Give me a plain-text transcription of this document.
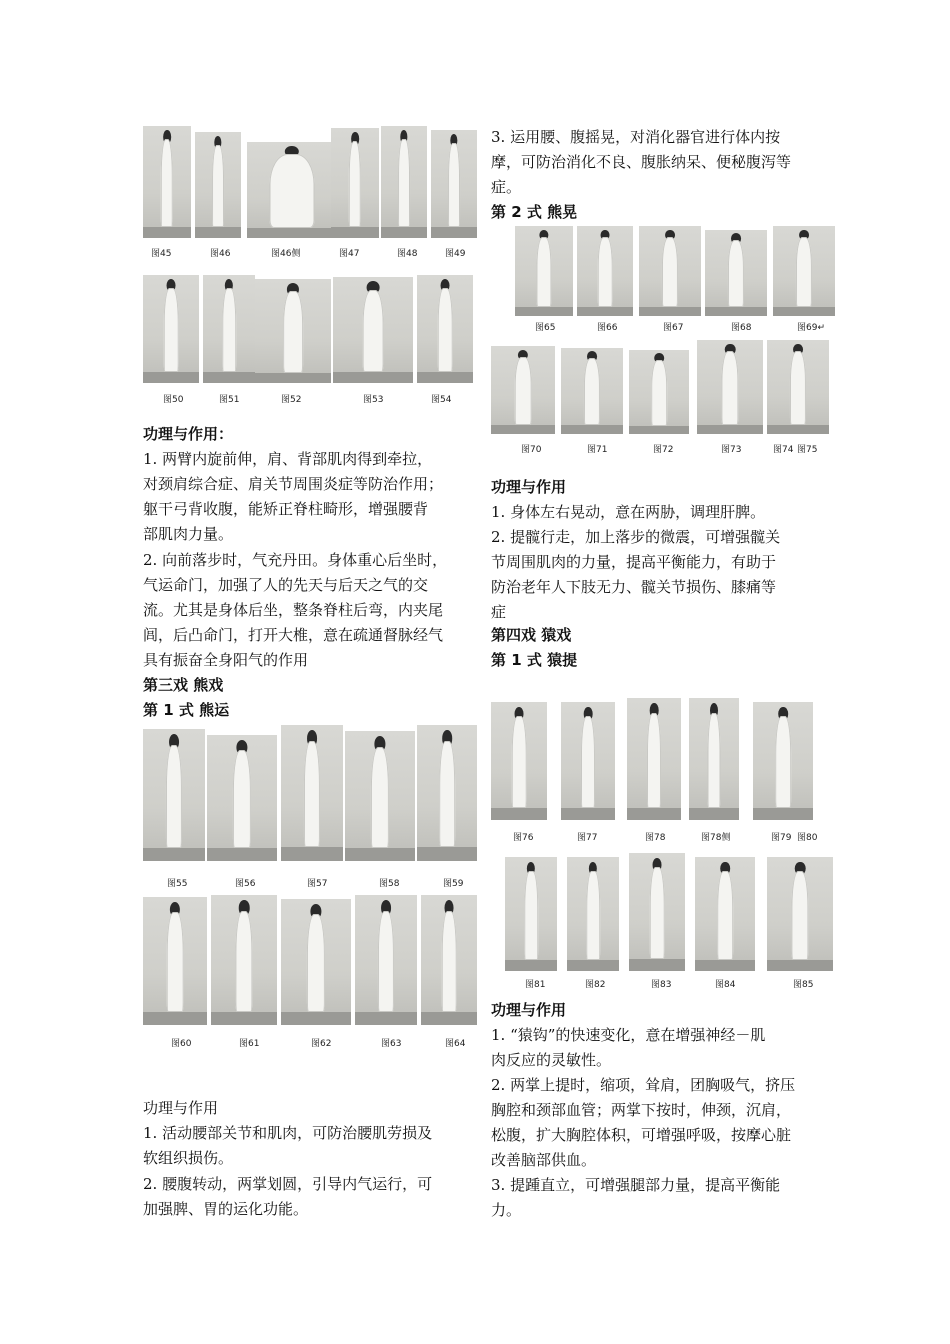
图45	图46	图46侧	图47	图48	图49
图50	图51	图52	图53	图54
功理与作用：
1. 两臂内旋前伸，肩、背部肌肉得到牵拉，
对颈肩综合症、肩关节周围炎症等防治作用；
躯干弓背收腹，能矫正脊柱畸形，增强腰背
部肌肉力量。
2. 向前落步时，气充丹田。身体重心后坐时，
气运命门，加强了人的先天与后天之气的交
流。尤其是身体后坐，整条脊柱后弯，内夹尾
闾，后凸命门，打开大椎，意在疏通督脉经气
具有振奋全身阳气的作用
第三戏 熊戏
第 1 式 熊运
图55	图56	图57	图58	图59
图60	图61	图62	图63	图64
功理与作用
1. 活动腰部关节和肌肉，可防治腰肌劳损及
软组织损伤。
2. 腰腹转动，两掌划圆，引导内气运行，可
加强脾、胃的运化功能。
3. 运用腰、腹摇晃，对消化器官进行体内按
摩，可防治消化不良、腹胀纳呆、便秘腹泻等
症。
第 2 式 熊晃
图65	图66	图67	图68	图69↵
图70	图71	图72	图73	图74 图75
功理与作用
1. 身体左右晃动，意在两胁，调理肝脾。
2. 提髋行走，加上落步的微震，可增强髋关
节周围肌肉的力量，提高平衡能力，有助于
防治老年人下肢无力、髋关节损伤、膝痛等
症
第四戏 猿戏
第 1 式 猿提
图76	图77	图78	图78侧	图79 图80
图81	图82	图83	图84	图85
功理与作用
1. “猿钩”的快速变化，意在增强神经－肌
肉反应的灵敏性。
2. 两掌上提时，缩项，耸肩，团胸吸气，挤压
胸腔和颈部血管；两掌下按时，伸颈，沉肩，
松腹，扩大胸腔体积，可增强呼吸，按摩心脏
改善脑部供血。
3. 提踵直立，可增强腿部力量，提高平衡能
力。
